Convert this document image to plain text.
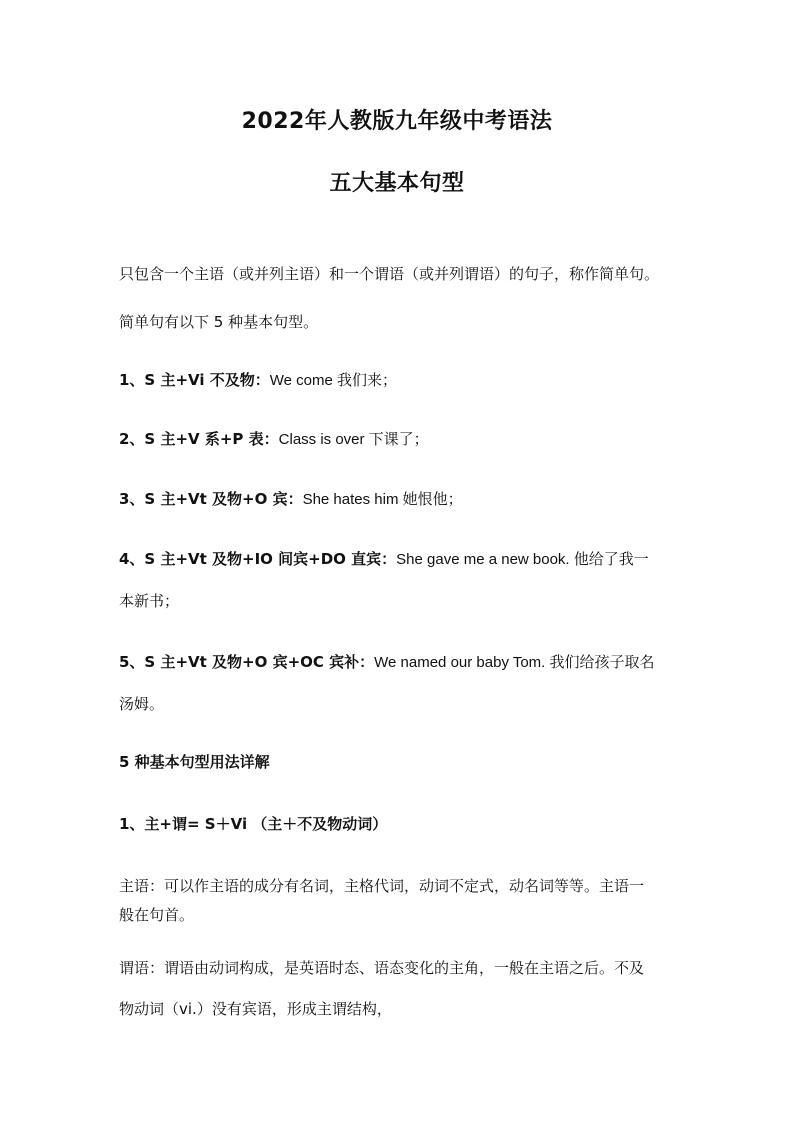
2022年人教版九年级中考语法
五大基本句型
只包含一个主语（或并列主语）和一个谓语（或并列谓语）的句子，称作简单句。
简单句有以下 5 种基本句型。
1、S 主+Vi 不及物：We come 我们来；
2、S 主+V 系+P 表：Class is over 下课了；
3、S 主+Vt 及物+O 宾：She hates him 她恨他；
4、S 主+Vt 及物+IO 间宾+DO 直宾：She gave me a new book. 他给了我一
本新书；
5、S 主+Vt 及物+O 宾+OC 宾补：We named our baby Tom. 我们给孩子取名
汤姆。
5 种基本句型用法详解
1、主+谓= S＋Vi （主＋不及物动词）
主语：可以作主语的成分有名词，主格代词，动词不定式，动名词等等。主语一
般在句首。
谓语：谓语由动词构成，是英语时态、语态变化的主角，一般在主语之后。不及
物动词（vi.）没有宾语，形成主谓结构，
